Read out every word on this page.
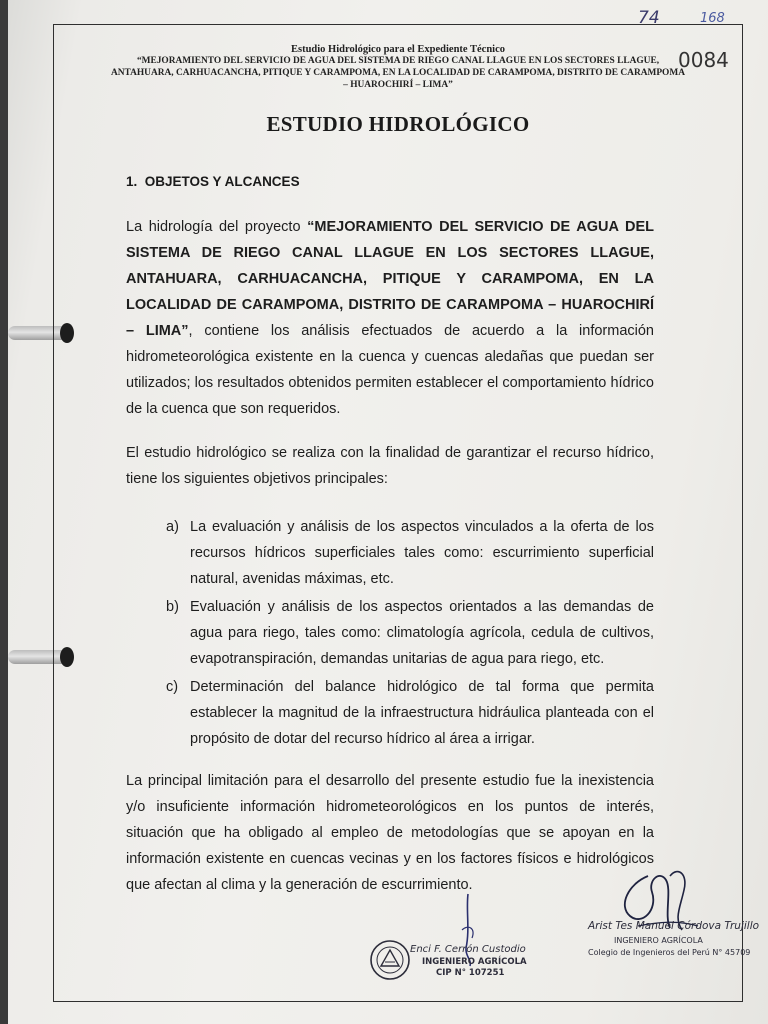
74	168
0084
Estudio Hidrológico para el Expediente Técnico
“MEJORAMIENTO DEL SERVICIO DE AGUA DEL SISTEMA DE RIEGO CANAL LLAGUE EN LOS SECTORES LLAGUE, ANTAHUARA, CARHUACANCHA, PITIQUE Y CARAMPOMA, EN LA LOCALIDAD DE CARAMPOMA, DISTRITO DE CARAMPOMA – HUAROCHIRÍ – LIMA”
ESTUDIO HIDROLÓGICO
1. OBJETOS Y ALCANCES
La hidrología del proyecto “MEJORAMIENTO DEL SERVICIO DE AGUA DEL SISTEMA DE RIEGO CANAL LLAGUE EN LOS SECTORES LLAGUE, ANTAHUARA, CARHUACANCHA, PITIQUE Y CARAMPOMA, EN LA LOCALIDAD DE CARAMPOMA, DISTRITO DE CARAMPOMA – HUAROCHIRÍ – LIMA”, contiene los análisis efectuados de acuerdo a la información hidrometeorológica existente en la cuenca y cuencas aledañas que puedan ser utilizados; los resultados obtenidos permiten establecer el comportamiento hídrico de la cuenca que son requeridos.
El estudio hidrológico se realiza con la finalidad de garantizar el recurso hídrico, tiene los siguientes objetivos principales:
a) La evaluación y análisis de los aspectos vinculados a la oferta de los recursos hídricos superficiales tales como: escurrimiento superficial natural, avenidas máximas, etc.
b) Evaluación y análisis de los aspectos orientados a las demandas de agua para riego, tales como: climatología agrícola, cedula de cultivos, evapotranspiración, demandas unitarias de agua para riego, etc.
c) Determinación del balance hidrológico de tal forma que permita establecer la magnitud de la infraestructura hidráulica planteada con el propósito de dotar del recurso hídrico al área a irrigar.
La principal limitación para el desarrollo del presente estudio fue la inexistencia y/o insuficiente información hidrometeorológicos en los puntos de interés, situación que ha obligado al empleo de metodologías que se apoyan en la información existente en cuencas vecinas y en los factores físicos e hidrológicos que afectan al clima y la generación de escurrimiento.
Enci F. Cerrón Custodio
INGENIERO AGRÍCOLA
CIP N° 107251
Arist Tes Manuel Córdova Trujillo
INGENIERO AGRÍCOLA
Colegio de Ingenieros del Perú N° 45709
